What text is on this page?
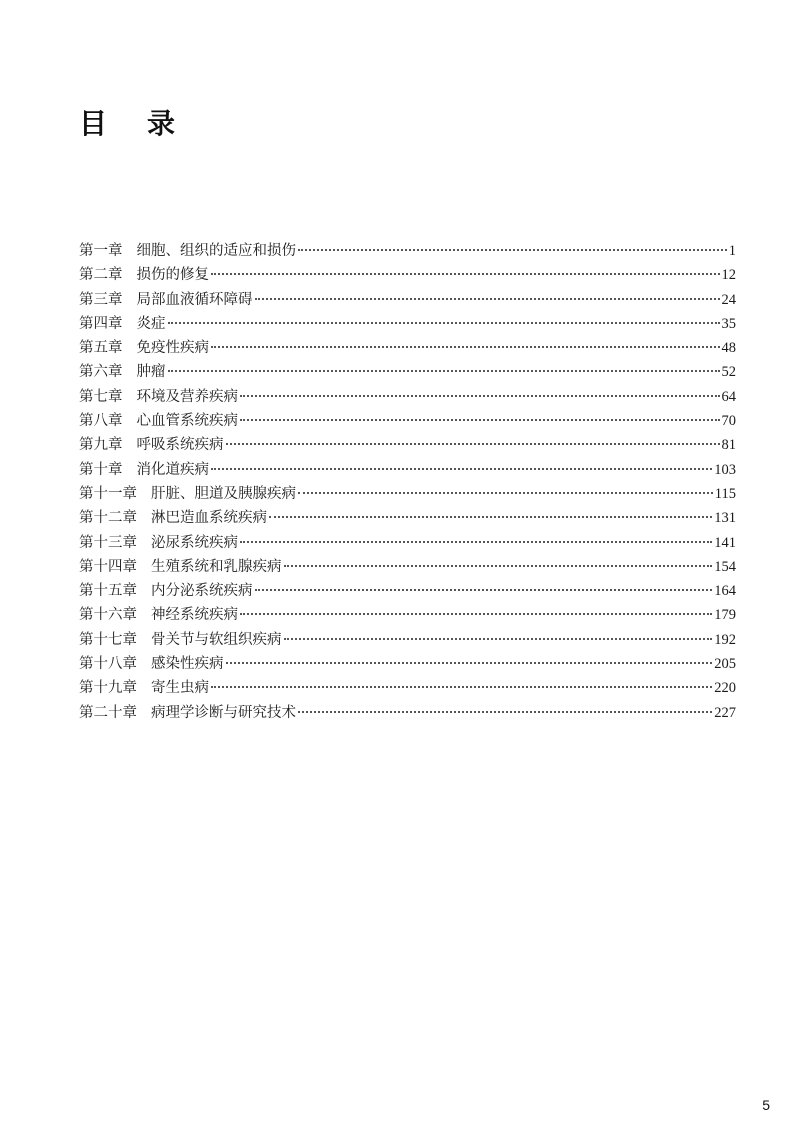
目录
第一章 细胞、组织的适应和损伤	1
第二章 损伤的修复	12
第三章 局部血液循环障碍	24
第四章 炎症	35
第五章 免疫性疾病	48
第六章 肿瘤	52
第七章 环境及营养疾病	64
第八章 心血管系统疾病	70
第九章 呼吸系统疾病	81
第十章 消化道疾病	103
第十一章 肝脏、胆道及胰腺疾病	115
第十二章 淋巴造血系统疾病	131
第十三章 泌尿系统疾病	141
第十四章 生殖系统和乳腺疾病	154
第十五章 内分泌系统疾病	164
第十六章 神经系统疾病	179
第十七章 骨关节与软组织疾病	192
第十八章 感染性疾病	205
第十九章 寄生虫病	220
第二十章 病理学诊断与研究技术	227
5
